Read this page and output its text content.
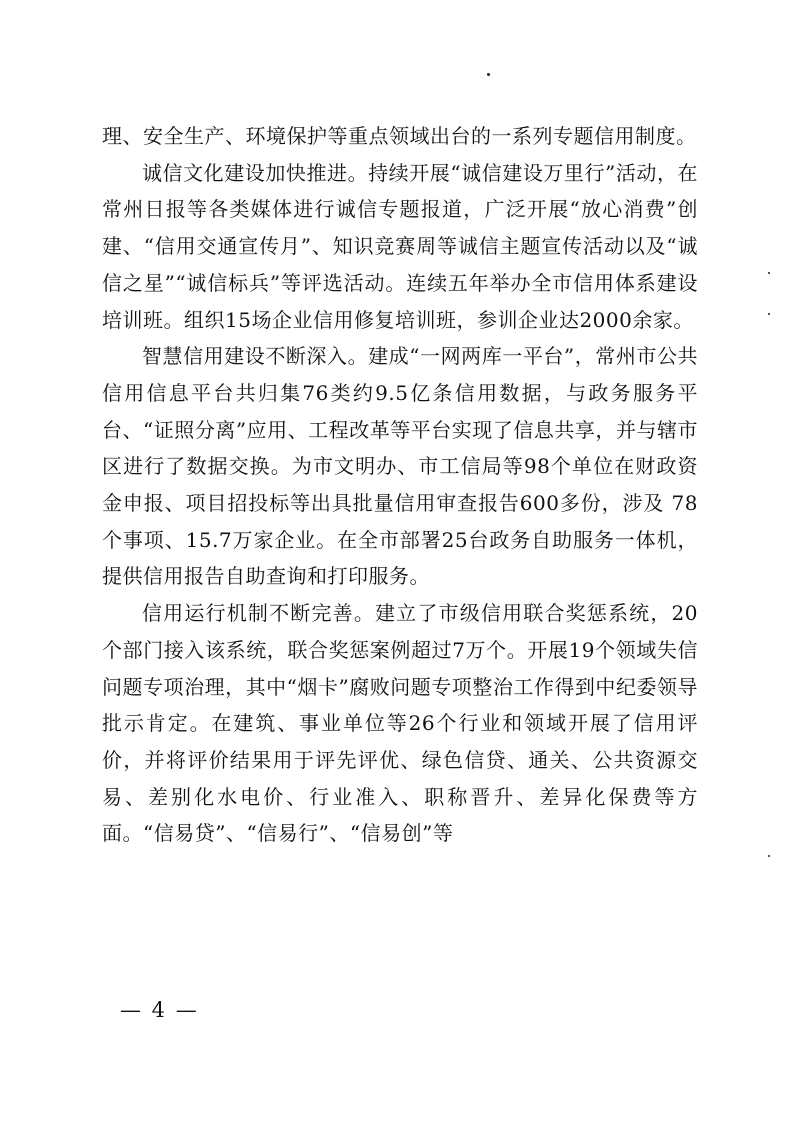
理、安全生产、环境保护等重点领域出台的一系列专题信用制度。

诚信文化建设加快推进。持续开展“诚信建设万里行”活动，在常州日报等各类媒体进行诚信专题报道，广泛开展“放心消费”创建、“信用交通宣传月”、知识竞赛周等诚信主题宣传活动以及“诚信之星”“诚信标兵”等评选活动。连续五年举办全市信用体系建设培训班。组织15场企业信用修复培训班，参训企业达2000余家。

智慧信用建设不断深入。建成“一网两库一平台”，常州市公共信用信息平台共归集76类约9.5亿条信用数据，与政务服务平台、“证照分离”应用、工程改革等平台实现了信息共享，并与辖市区进行了数据交换。为市文明办、市工信局等98个单位在财政资金申报、项目招投标等出具批量信用审查报告600多份，涉及 78个事项、15.7万家企业。在全市部署25台政务自助服务一体机，提供信用报告自助查询和打印服务。

信用运行机制不断完善。建立了市级信用联合奖惩系统，20个部门接入该系统，联合奖惩案例超过7万个。开展19个领域失信问题专项治理，其中“烟卡”腐败问题专项整治工作得到中纪委领导批示肯定。在建筑、事业单位等26个行业和领域开展了信用评价，并将评价结果用于评先评优、绿色信贷、通关、公共资源交易、差别化水电价、行业准入、职称晋升、差异化保费等方面。“信易贷”、“信易行”、“信易创”等

— 4 —
